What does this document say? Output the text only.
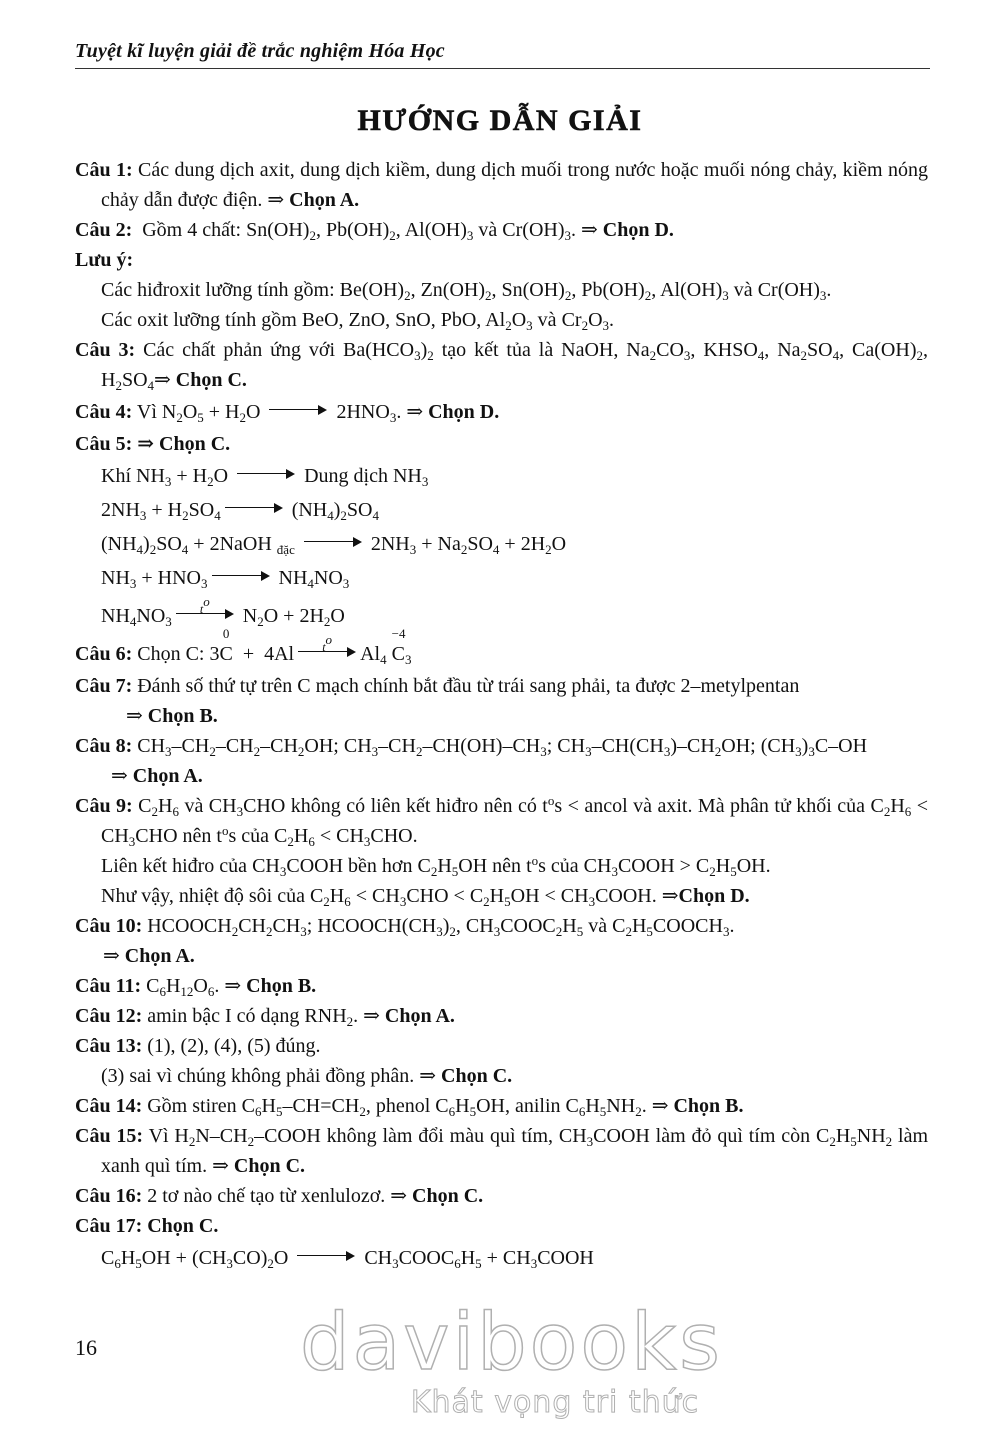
Tuyệt kĩ luyện giải đề trắc nghiệm Hóa Học
HƯỚNG DẪN GIẢI

Câu 1: Các dung dịch axit, dung dịch kiềm, dung dịch muối trong nước hoặc muối nóng chảy, kiềm nóng chảy dẫn được điện. ⇒ Chọn A.

Câu 2: Gồm 4 chất: $Sn(OH)_2$, $Pb(OH)_2$, $Al(OH)_3$ và $Cr(OH)_3$. ⇒ Chọn D.

Lưu ý:

Các hiđroxit lưỡng tính gồm: $Be(OH)_2$, $Zn(OH)_2$, $Sn(OH)_2$, $Pb(OH)_2$, $Al(OH)_3$ và $Cr(OH)_3$.

Các oxit lưỡng tính gồm BeO, ZnO, SnO, PbO, $Al_2O_3$ và $Cr_2O_3$.

Câu 3: Các chất phản ứng với $Ba(HCO_3)_2$ tạo kết tủa là NaOH, $Na_2CO_3$, $KHSO_4$, $Na_2SO_4$, $Ca(OH)_2$, $H_2SO_4\Rightarrow$ Chọn C.

Câu 4: Vì $N_2O_5 + H_2O$	$2HNO_3$. ⇒ Chọn D.

Câu 5: ⇒ Chọn C.

Khí $NH_3 + H_2O$	Dung dịch $NH_3$

$2NH_3 + H_2SO_4$	$(NH_4)_2SO_4$

$(NH_4)_2SO_4$ + 2NaOH $_{đặc}$	$2NH_3 + Na_2SO_4 + 2H_2O$

$NH_3 + HNO_3$	$NH_4NO_3$

$NH_4NO_3$
$t^o$
$N_2O + 2H_2O$

Câu 6: Chọn C: 3C
0
+  4Al	$t^o$
$Al_4$ C
−4
$_3$

Câu 7: Đánh số thứ tự trên C mạch chính bắt đầu từ trái sang phải, ta được 2–metylpentan
⇒ Chọn B.

Câu 8: $CH_3-CH_2-CH_2-CH_2OH$; $CH_3-CH_2-CH(OH)-CH_3$; $CH_3-CH(CH_3)-CH_2OH$; $(CH_3)_3C-OH$
⇒ Chọn A.

Câu 9: $C_2H_6$ và $CH_3CHO$ không có liên kết hiđro nên có $t^os$ < ancol và axit. Mà phân tử khối của $C_2H_6 < CH_3CHO$ nên $t^os$ của $C_2H_6 < CH_3CHO$.

Liên kết hiđro của $CH_3COOH$ bền hơn $C_2H_5OH$ nên $t^os$ của $CH_3COOH > C_2H_5OH$.

Như vậy, nhiệt độ sôi của $C_2H_6 < CH_3CHO < C_2H_5OH$ < $CH_3COOH$. ⇒Chọn D.

Câu 10: $HCOOCH_2CH_2CH_3$; $HCOOCH(CH_3)_2$, $CH_3COOC_2H_5$ và $C_2H_5COOCH_3$.

⇒ Chọn A.

Câu 11: $C_6H_{12}O_6$. ⇒ Chọn B.

Câu 12: amin bậc I có dạng $RNH_2$. ⇒ Chọn A.

Câu 13: (1), (2), (4), (5) đúng.

(3) sai vì chúng không phải đồng phân. ⇒ Chọn C.

Câu 14: Gồm stiren $C_6H_5-CH=CH_2$, phenol $C_6H_5OH$, anilin $C_6H_5NH_2$. ⇒ Chọn B.

Câu 15: Vì $H_2N-CH_2$–COOH không làm đổi màu quì tím, $CH_3COOH$ làm đỏ quì tím còn $C_2H_5NH_2$ làm xanh quì tím. ⇒ Chọn C.

Câu 16: 2 tơ nào chế tạo từ xenlulozơ. ⇒ Chọn C.

Câu 17: Chọn C.

$C_6H_5OH + (CH_3CO)_2O$	$CH_3COOC_6H_5$ + $CH_3COOH$

16	davibooks
Khát vọng tri thức
